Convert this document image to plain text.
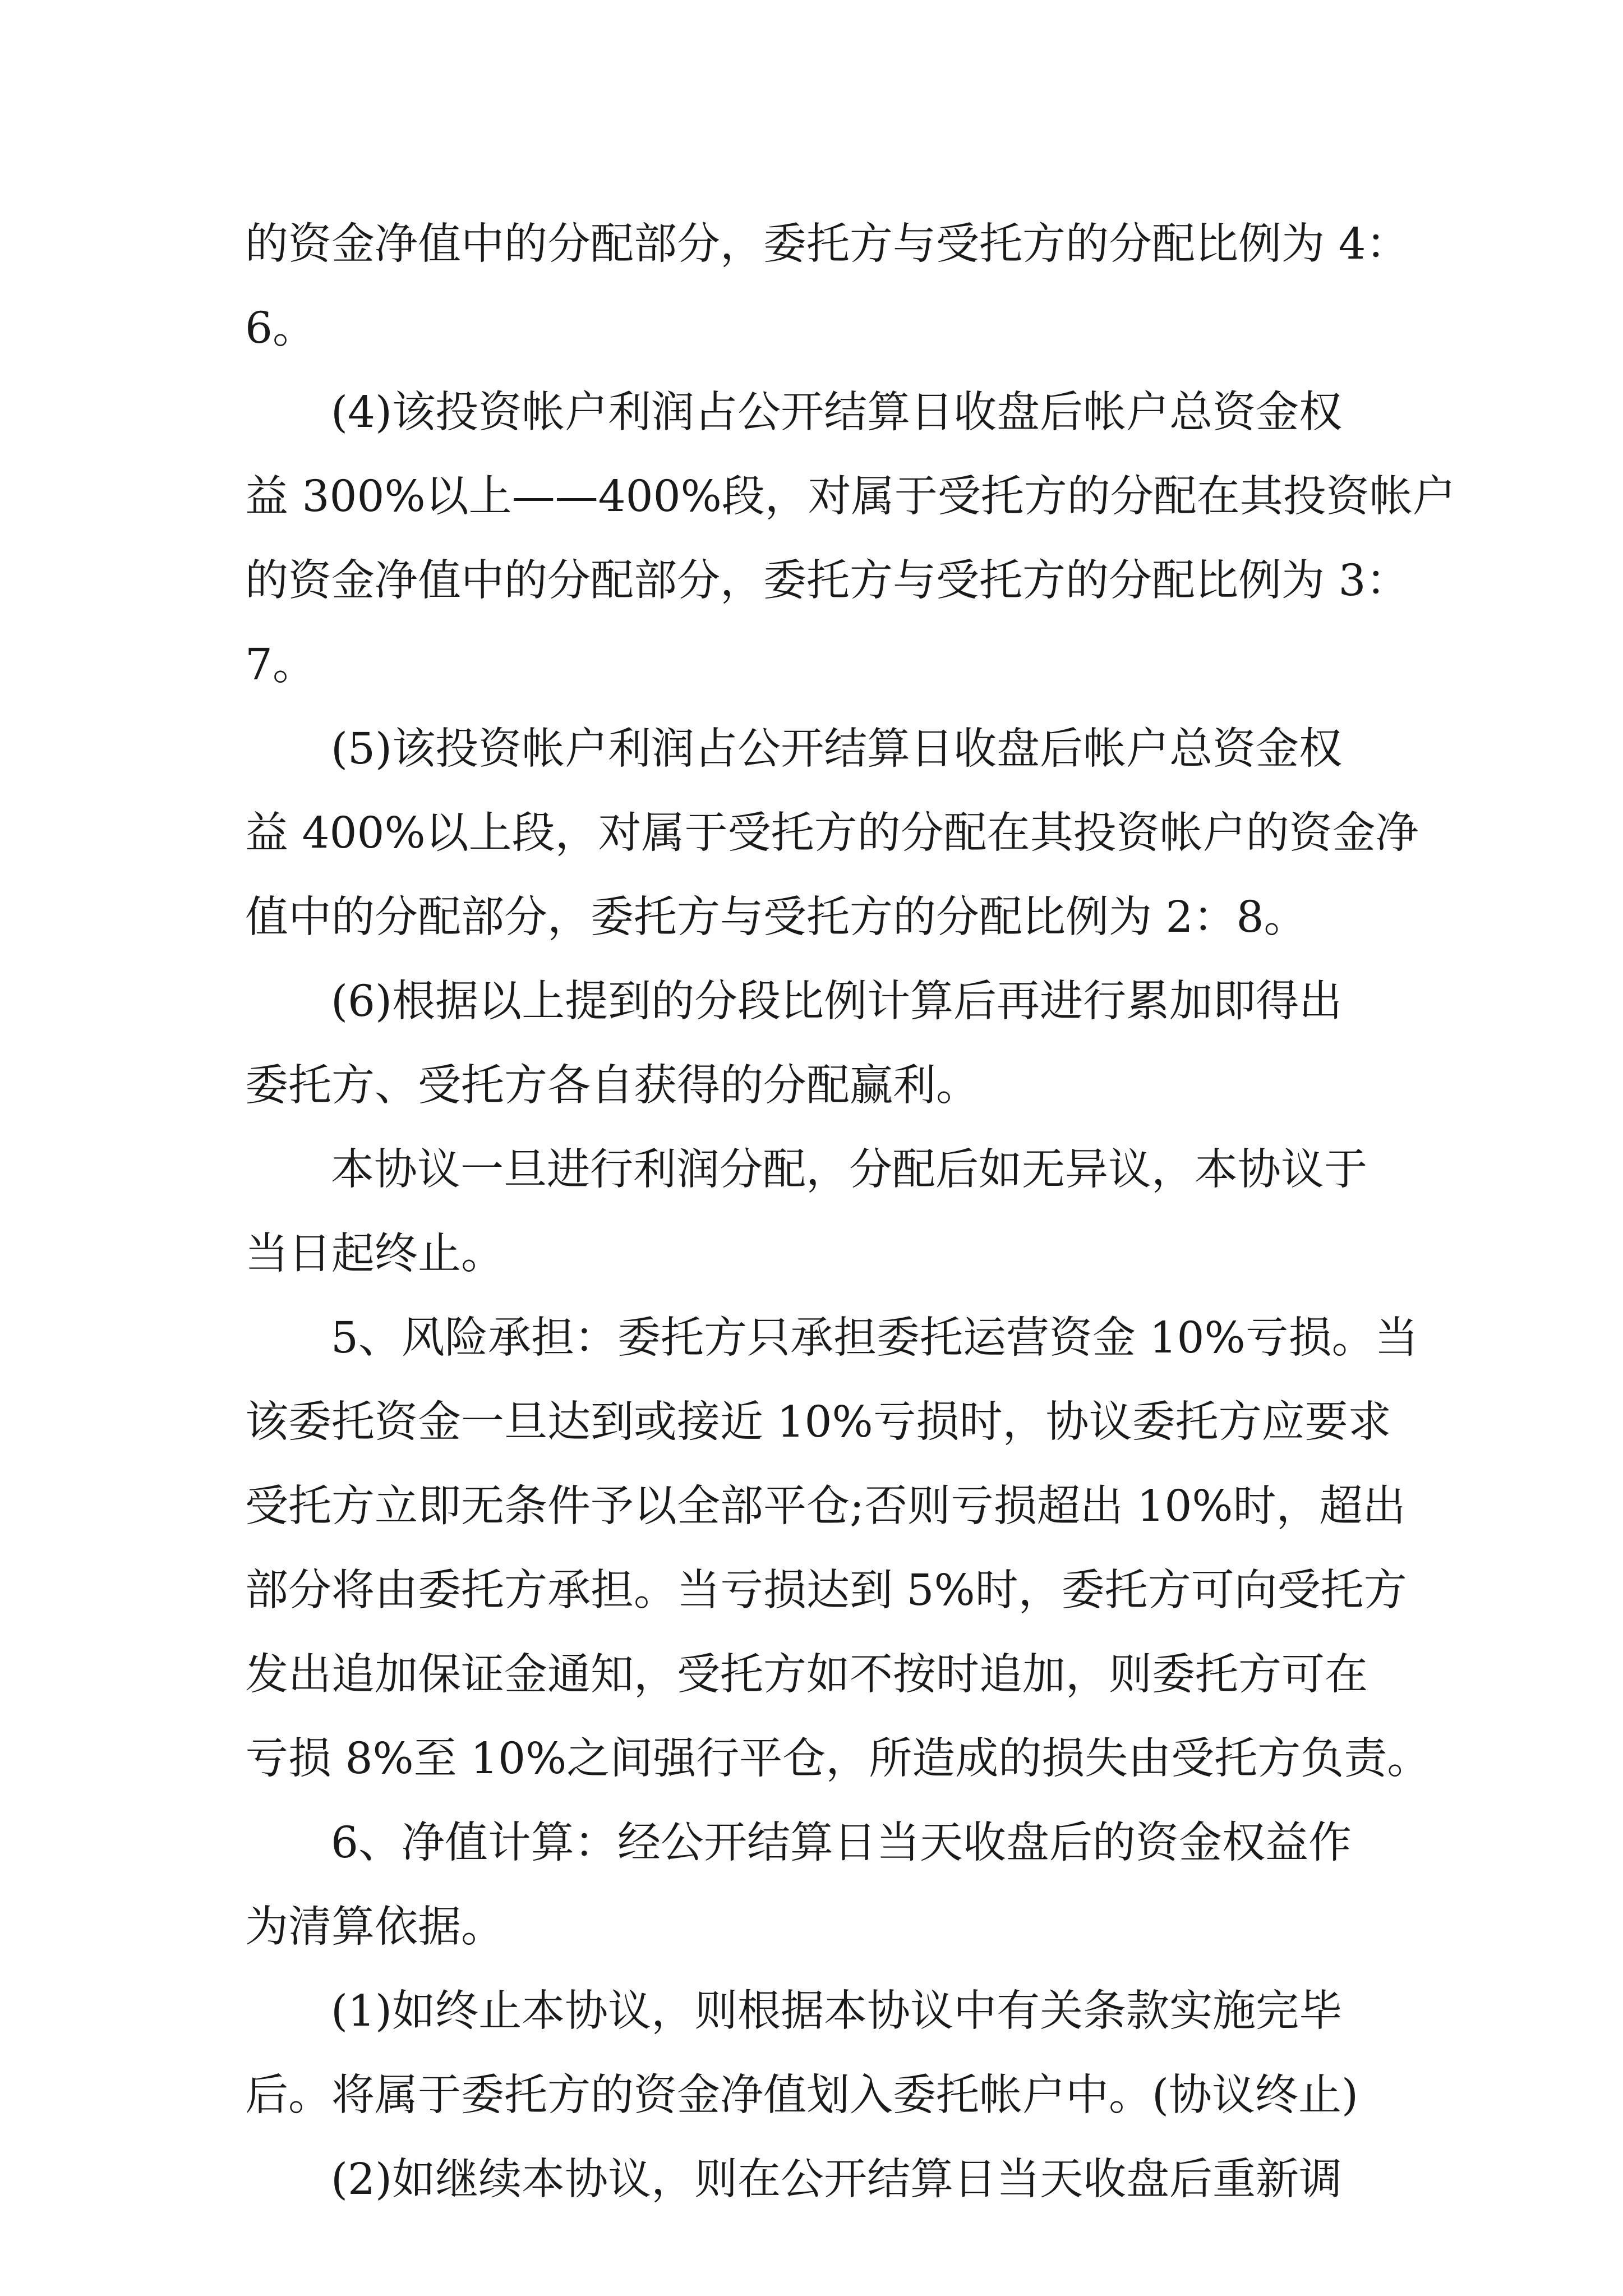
的资金净值中的分配部分，委托方与受托方的分配比例为 4：
6。
(4)该投资帐户利润占公开结算日收盘后帐户总资金权
益 300%以上——400%段，对属于受托方的分配在其投资帐户
的资金净值中的分配部分，委托方与受托方的分配比例为 3：
7。
(5)该投资帐户利润占公开结算日收盘后帐户总资金权
益 400%以上段，对属于受托方的分配在其投资帐户的资金净
值中的分配部分，委托方与受托方的分配比例为 2：8。
(6)根据以上提到的分段比例计算后再进行累加即得出
委托方、受托方各自获得的分配赢利。
本协议一旦进行利润分配，分配后如无异议，本协议于
当日起终止。
5、风险承担：委托方只承担委托运营资金 10%亏损。当
该委托资金一旦达到或接近 10%亏损时，协议委托方应要求
受托方立即无条件予以全部平仓;否则亏损超出 10%时，超出
部分将由委托方承担。当亏损达到 5%时，委托方可向受托方
发出追加保证金通知，受托方如不按时追加，则委托方可在
亏损 8%至 10%之间强行平仓，所造成的损失由受托方负责。
6、净值计算：经公开结算日当天收盘后的资金权益作
为清算依据。
(1)如终止本协议，则根据本协议中有关条款实施完毕
后。将属于委托方的资金净值划入委托帐户中。(协议终止)
(2)如继续本协议，则在公开结算日当天收盘后重新调
